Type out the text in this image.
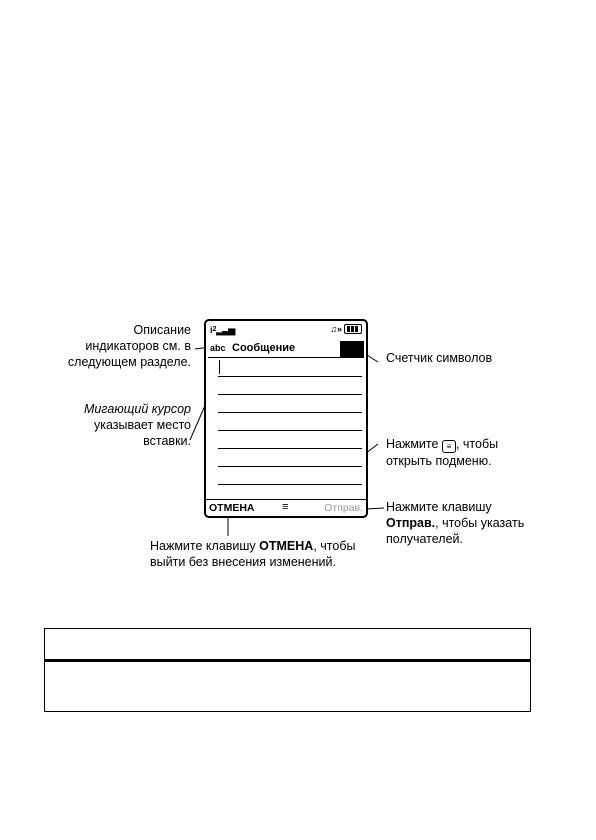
$i^2▂▃▅$	♫»
abc Сообщение
ОТМЕНА	≡	Отправ.
Описание
индикаторов см. в
следующем разделе.
Мигающий курсор
указывает место
вставки.
Счетчик символов
Нажмите ≡ , чтобы
открыть подменю.
Нажмите клавишу
Отправ., чтобы указать
получателей.
Нажмите клавишу ОТМЕНА, чтобы
выйти без внесения изменений.
